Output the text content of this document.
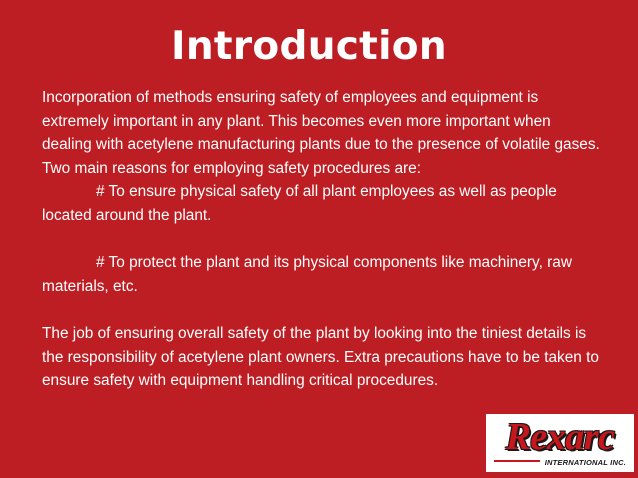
Introduction

Incorporation of methods ensuring safety of employees and equipment is extremely important in any plant. This becomes even more important when dealing with acetylene manufacturing plants due to the presence of volatile gases. Two main reasons for employing safety procedures are:

# To ensure physical safety of all plant employees as well as people located around the plant.

# To protect the plant and its physical components like machinery, raw materials, etc.

The job of ensuring overall safety of the plant by looking into the tiniest details is the responsibility of acetylene plant owners. Extra precautions have to be taken to ensure safety with equipment handling critical procedures.

Rexarc
INTERNATIONAL INC.
